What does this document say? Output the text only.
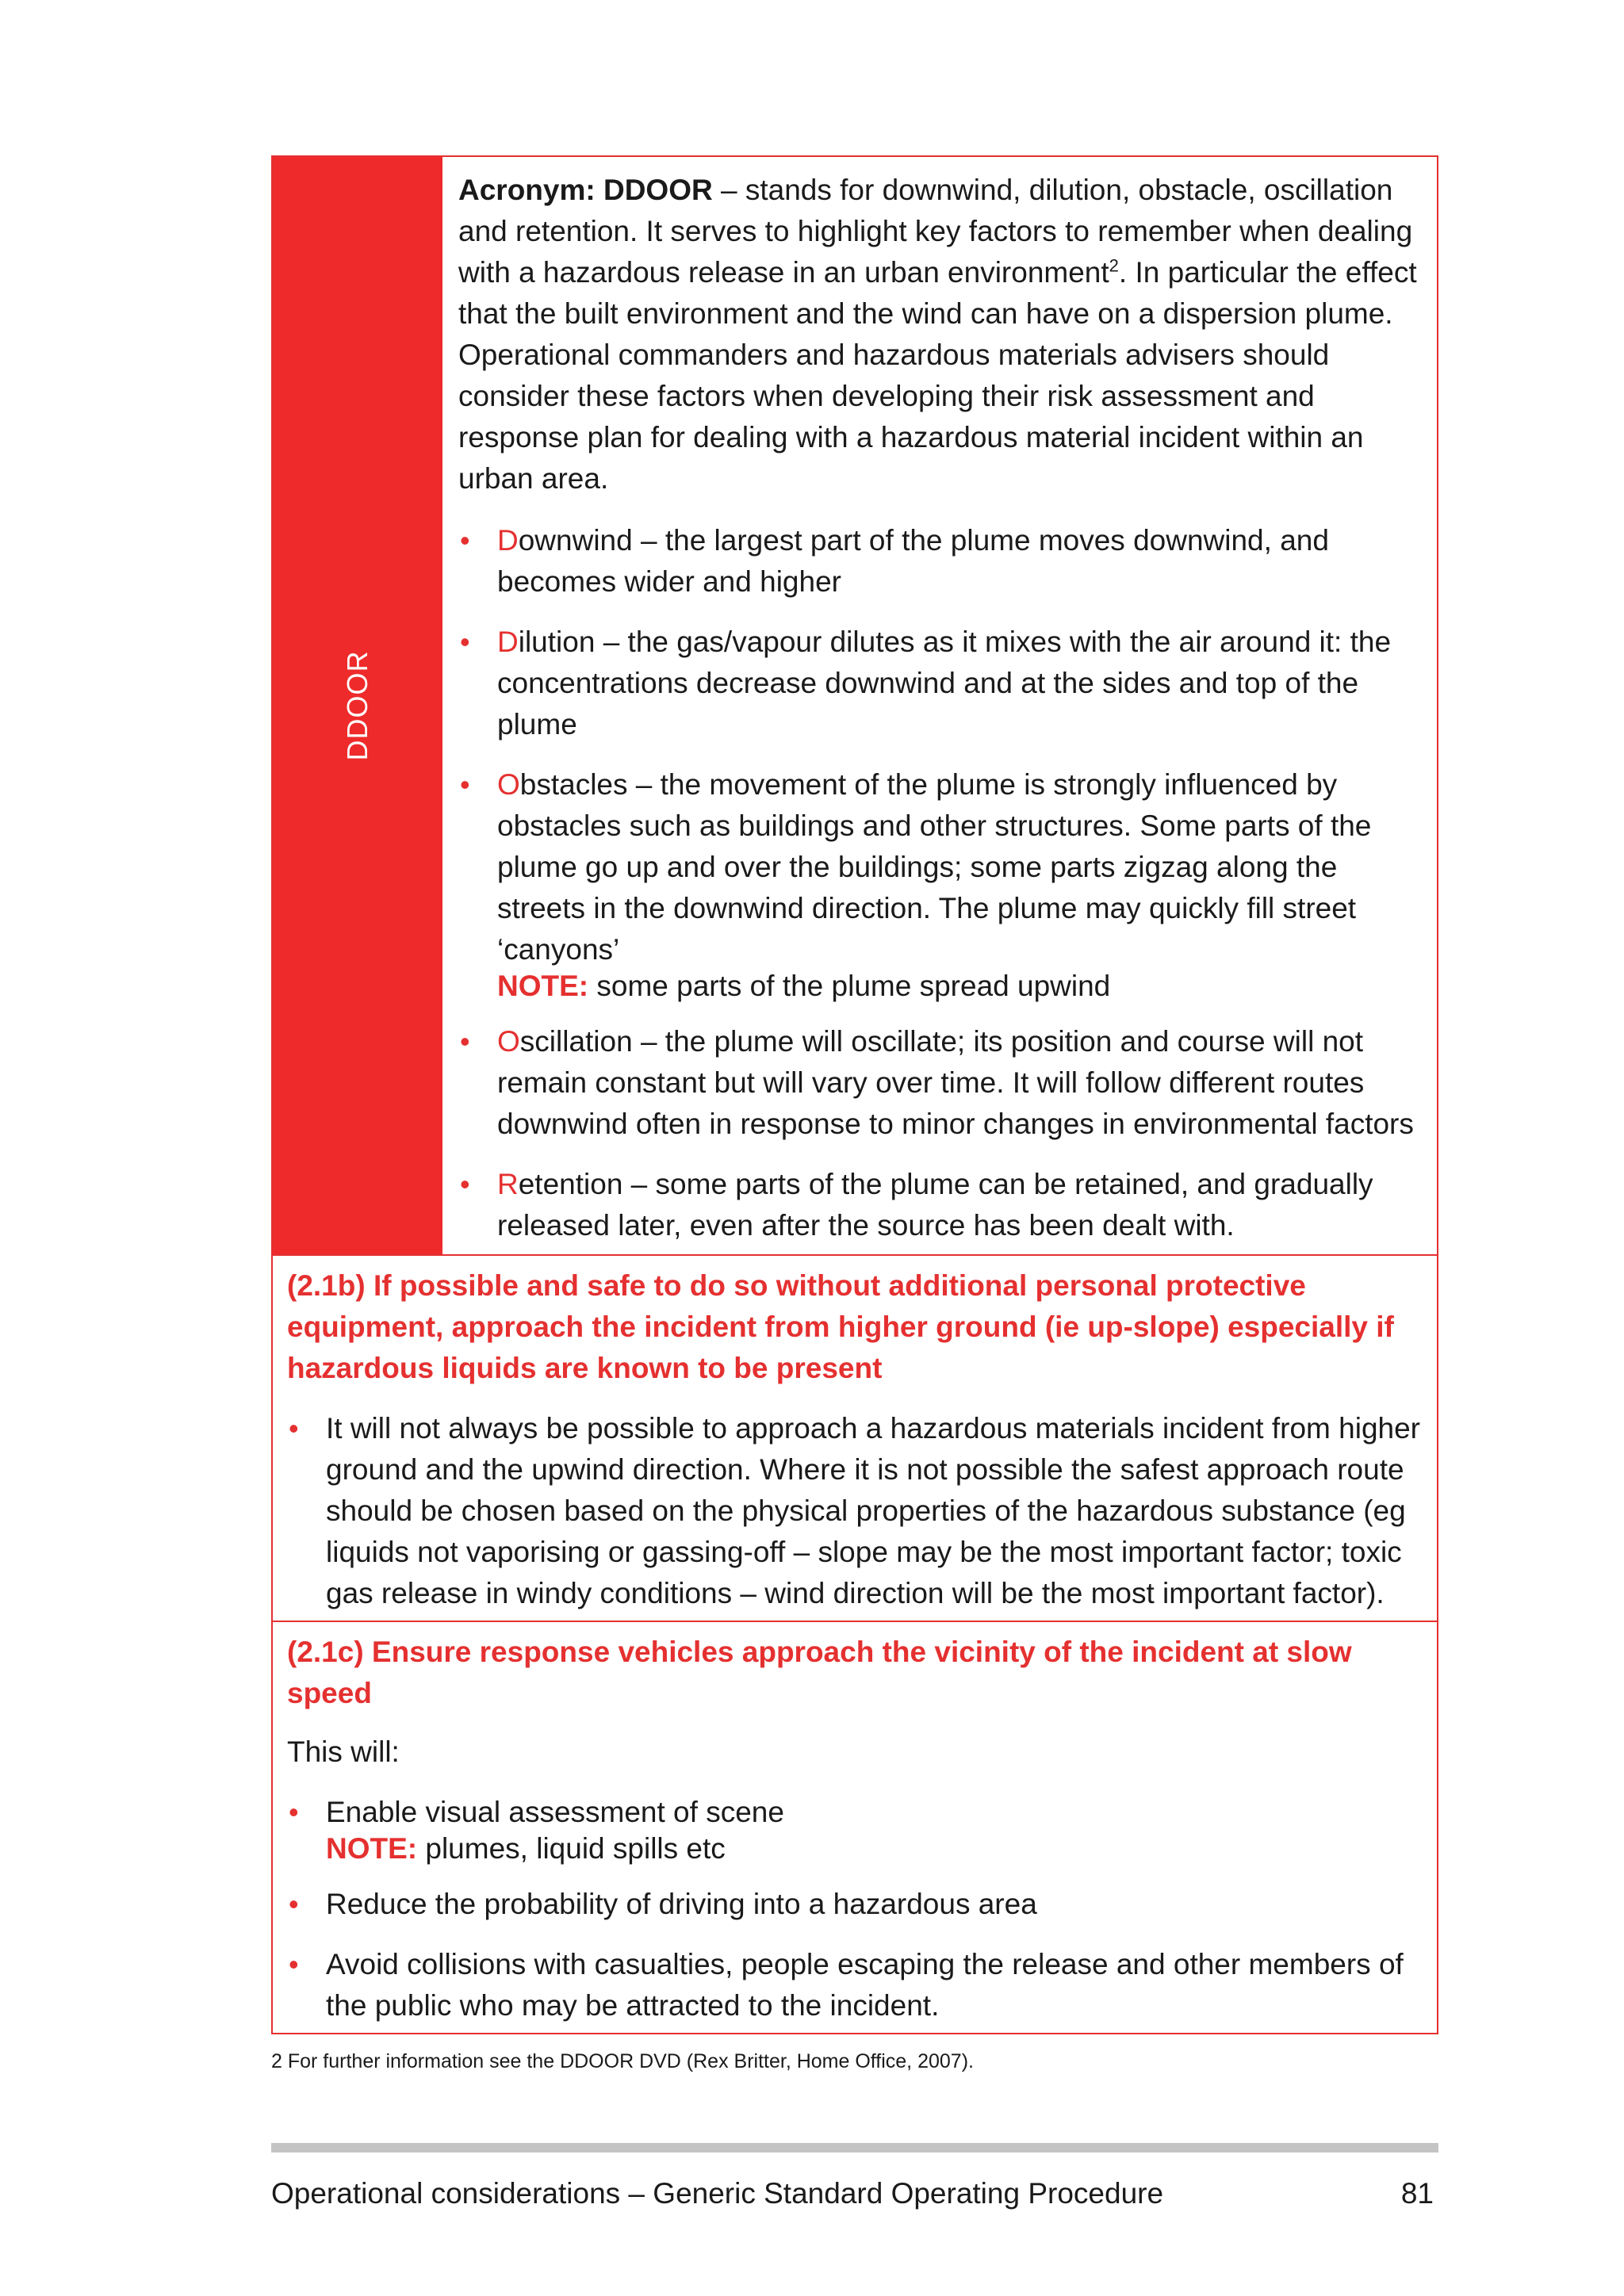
DDOOR

Acronym: DDOOR – stands for downwind, dilution, obstacle, oscillation and retention. It serves to highlight key factors to remember when dealing with a hazardous release in an urban environment$^2$. In particular the effect that the built environment and the wind can have on a dispersion plume. Operational commanders and hazardous materials advisers should consider these factors when developing their risk assessment and response plan for dealing with a hazardous material incident within an urban area.

• Downwind – the largest part of the plume moves downwind, and becomes wider and higher
• Dilution – the gas/vapour dilutes as it mixes with the air around it: the concentrations decrease downwind and at the sides and top of the plume
• Obstacles – the movement of the plume is strongly influenced by obstacles such as buildings and other structures. Some parts of the plume go up and over the buildings; some parts zigzag along the streets in the downwind direction. The plume may quickly fill street ‘canyons’
NOTE: some parts of the plume spread upwind
• Oscillation – the plume will oscillate; its position and course will not remain constant but will vary over time. It will follow different routes downwind often in response to minor changes in environmental factors
• Retention – some parts of the plume can be retained, and gradually released later, even after the source has been dealt with.
(2.1b) If possible and safe to do so without additional personal protective equipment, approach the incident from higher ground (ie up-slope) especially if hazardous liquids are known to be present
• It will not always be possible to approach a hazardous materials incident from higher ground and the upwind direction. Where it is not possible the safest approach route should be chosen based on the physical properties of the hazardous substance (eg liquids not vaporising or gassing-off – slope may be the most important factor; toxic gas release in windy conditions – wind direction will be the most important factor).
(2.1c) Ensure response vehicles approach the vicinity of the incident at slow speed
This will:
• Enable visual assessment of scene
NOTE: plumes, liquid spills etc
• Reduce the probability of driving into a hazardous area
• Avoid collisions with casualties, people escaping the release and other members of the public who may be attracted to the incident.
2 For further information see the DDOOR DVD (Rex Britter, Home Office, 2007).
Operational considerations – Generic Standard Operating Procedure	81
